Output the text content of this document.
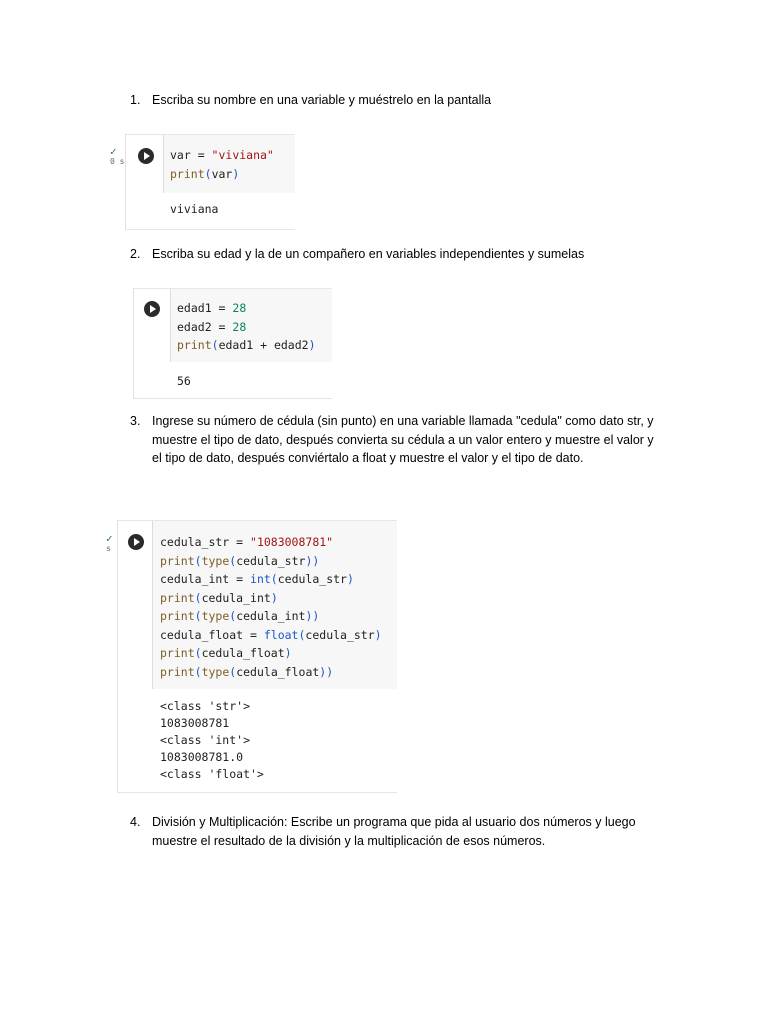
1. Escriba su nombre en una variable y muéstrelo en la pantalla
✓
0 s	var = "viviana"
print(var)
viviana
2. Escriba su edad y la de un compañero en variables independientes y sumelas
edad1 = 28
edad2 = 28
print(edad1 + edad2)
56
3. Ingrese su número de cédula (sin punto) en una variable llamada "cedula" como dato str, y
muestre el tipo de dato, después convierta su cédula a un valor entero y muestre el valor y
el tipo de dato, después conviértalo a float y muestre el valor y el tipo de dato.
✓
s	cedula_str = "1083008781"
print(type(cedula_str))
cedula_int = int(cedula_str)
print(cedula_int)
print(type(cedula_int))
cedula_float = float(cedula_str)
print(cedula_float)
print(type(cedula_float))
<class 'str'>
1083008781
<class 'int'>
1083008781.0
<class 'float'>
4. División y Multiplicación: Escribe un programa que pida al usuario dos números y luego
muestre el resultado de la división y la multiplicación de esos números.
